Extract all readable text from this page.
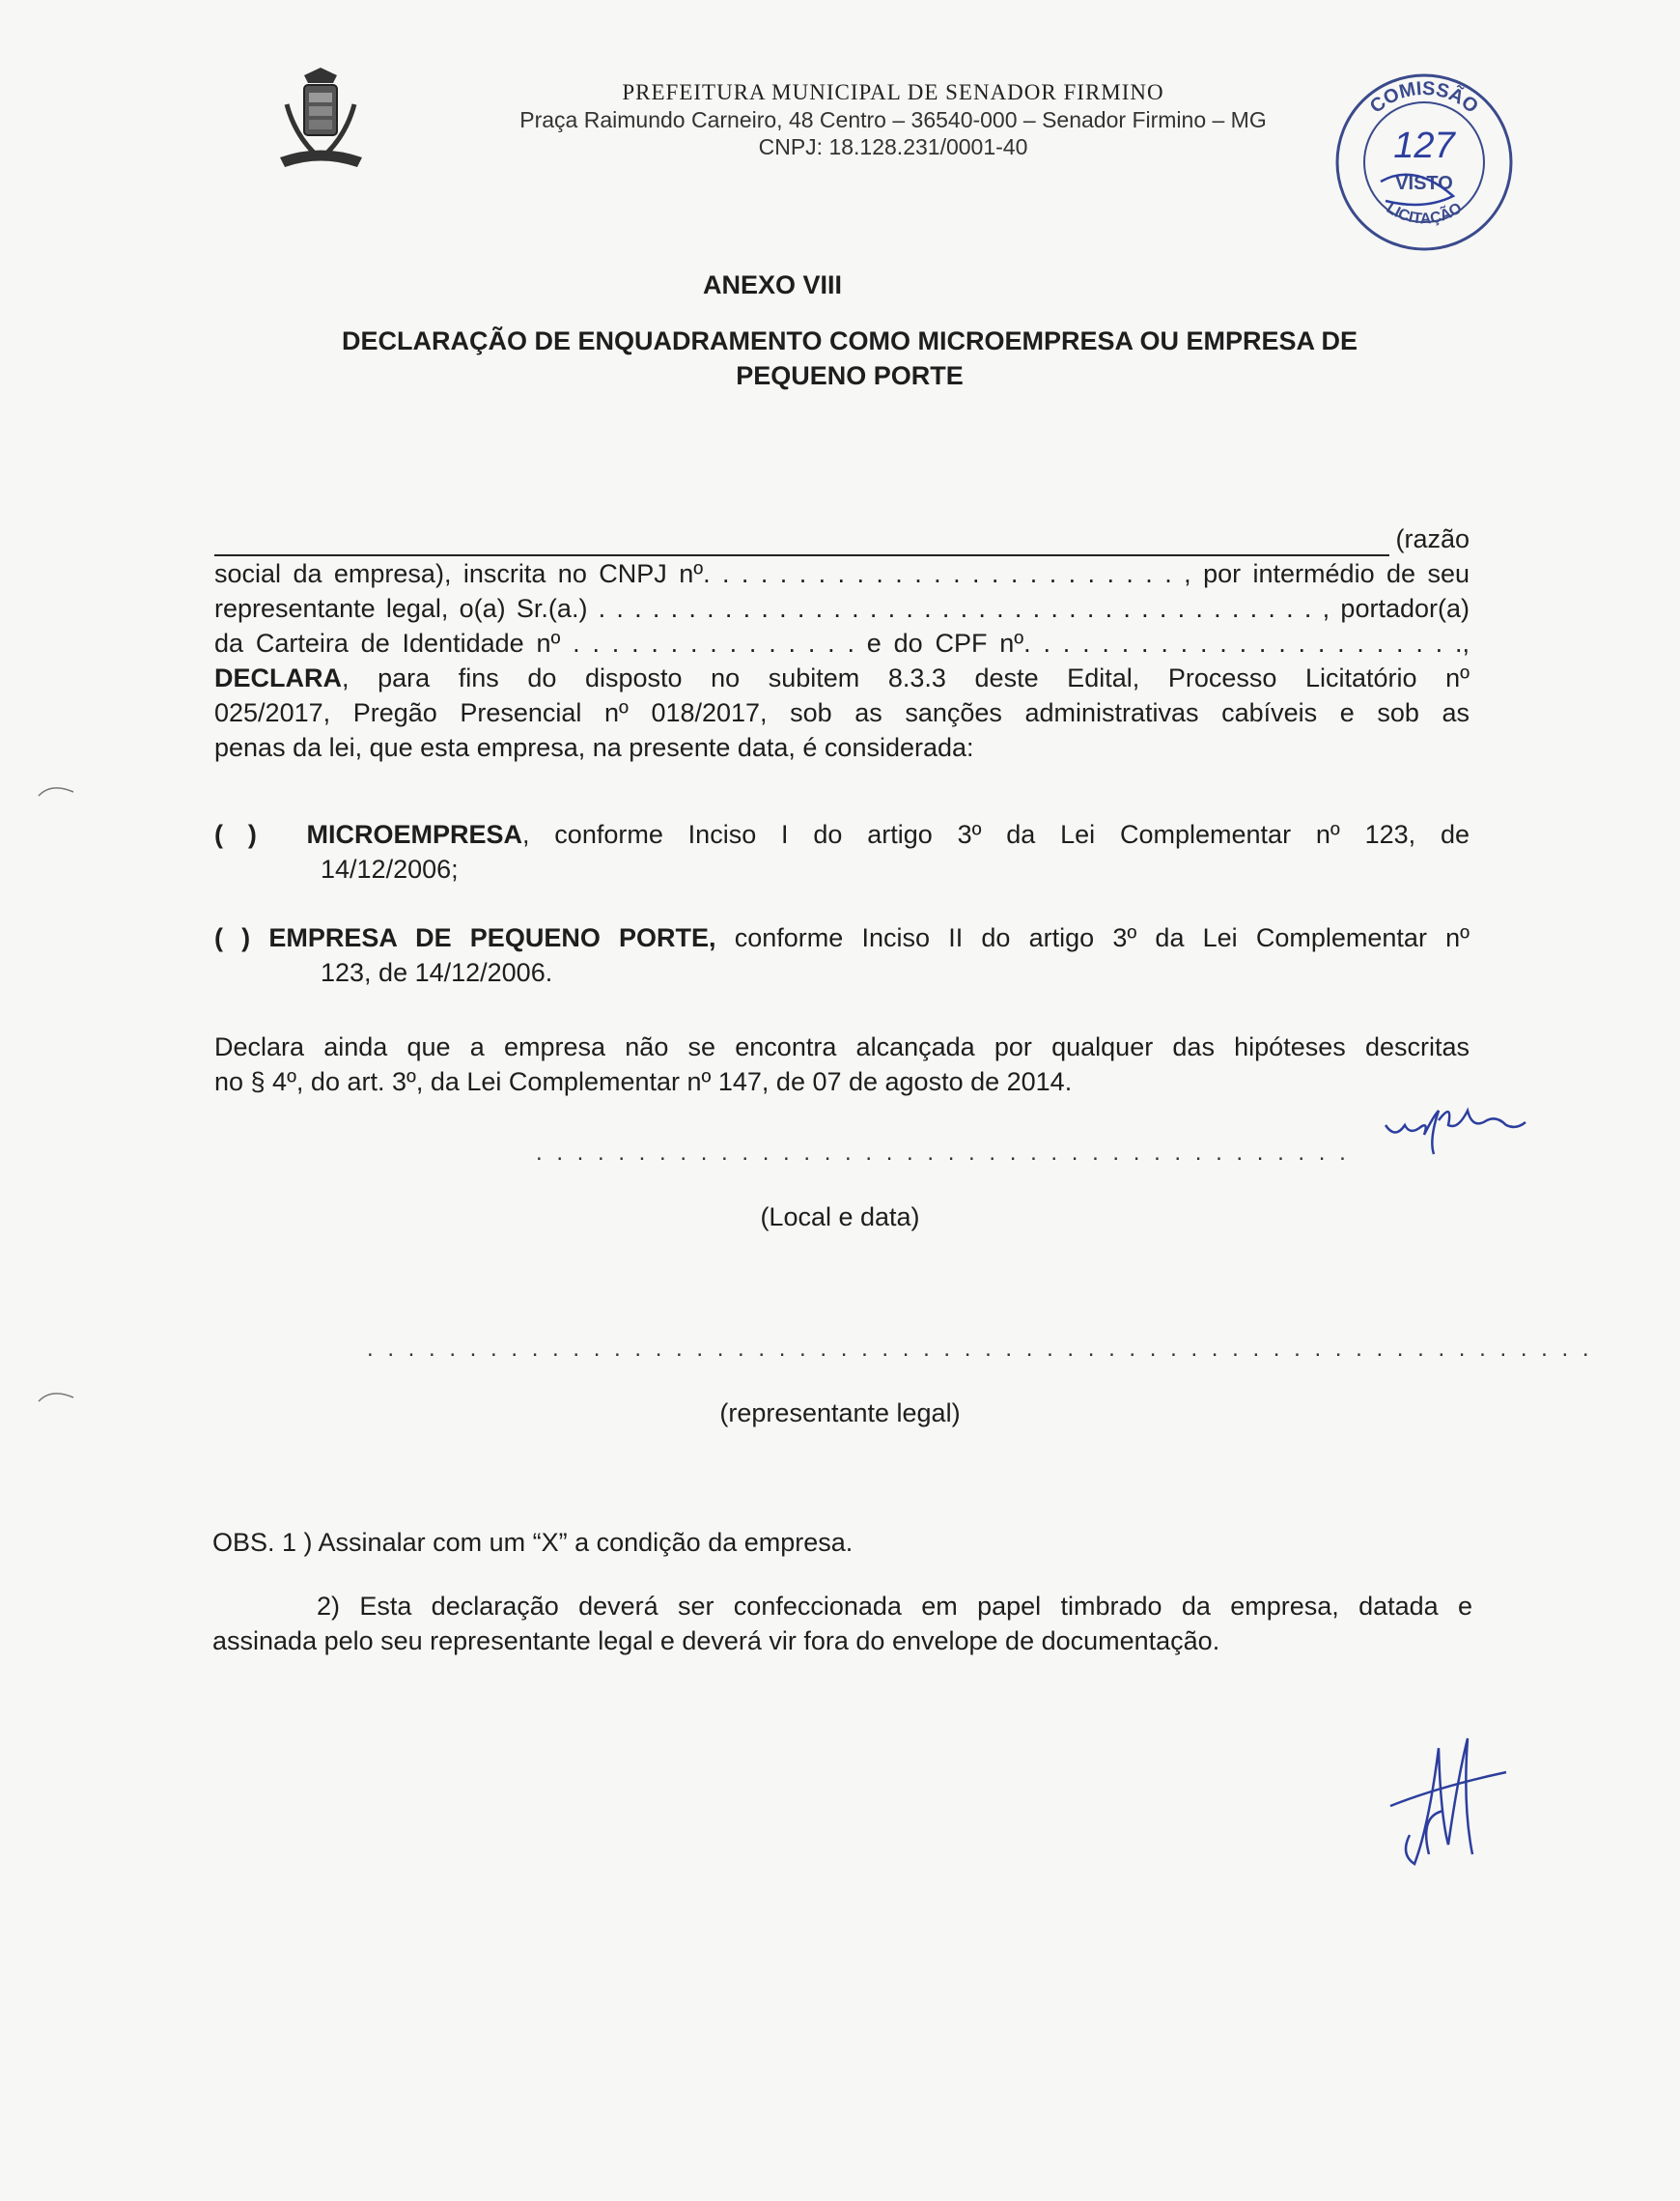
PREFEITURA MUNICIPAL DE SENADOR FIRMINO
Praça Raimundo Carneiro, 48 Centro – 36540-000 – Senador Firmino – MG
CNPJ: 18.128.231/0001-40
COMISSÃO
LICITAÇÃO
127
VISTO
ANEXO VIII
DECLARAÇÃO DE ENQUADRAMENTO COMO MICROEMPRESA OU EMPRESA DE
PEQUENO PORTE
(razão
social da empresa), inscrita no CNPJ nº. . . . . . . . . . . . . . . . . . . . . . . . . , por intermédio de seu
representante legal, o(a) Sr.(a.) . . . . . . . . . . . . . . . . . . . . . . . . . . . . . . . . . . . . . . . . , portador(a)
da Carteira de Identidade nº . . . . . . . . . . . . . . . e do CPF nº. . . . . . . . . . . . . . . . . . . . . . .,
DECLARA, para fins do disposto no subitem 8.3.3 deste Edital, Processo Licitatório nº
025/2017, Pregão Presencial nº 018/2017, sob as sanções administrativas cabíveis e sob as
penas da lei, que esta empresa, na presente data, é considerada:
( ) MICROEMPRESA, conforme Inciso I do artigo 3º da Lei Complementar nº 123, de
14/12/2006;
( ) EMPRESA DE PEQUENO PORTE, conforme Inciso II do artigo 3º da Lei Complementar nº
123, de 14/12/2006.
Declara ainda que a empresa não se encontra alcançada por qualquer das hipóteses descritas
no § 4º, do art. 3º, da Lei Complementar nº 147, de 07 de agosto de 2014.
. . . . . . . . . . . . . . . . . . . . . . . . . . . . . . . . . . . . . . . .
(Local e data)
. . . . . . . . . . . . . . . . . . . . . . . . . . . . . . . . . . . . . . . . . . . . . . . . . . . . . . . . . . . .
(representante legal)
OBS. 1 ) Assinalar com um “X” a condição da empresa.
2) Esta declaração deverá ser confeccionada em papel timbrado da empresa, datada e
assinada pelo seu representante legal e deverá vir fora do envelope de documentação.
